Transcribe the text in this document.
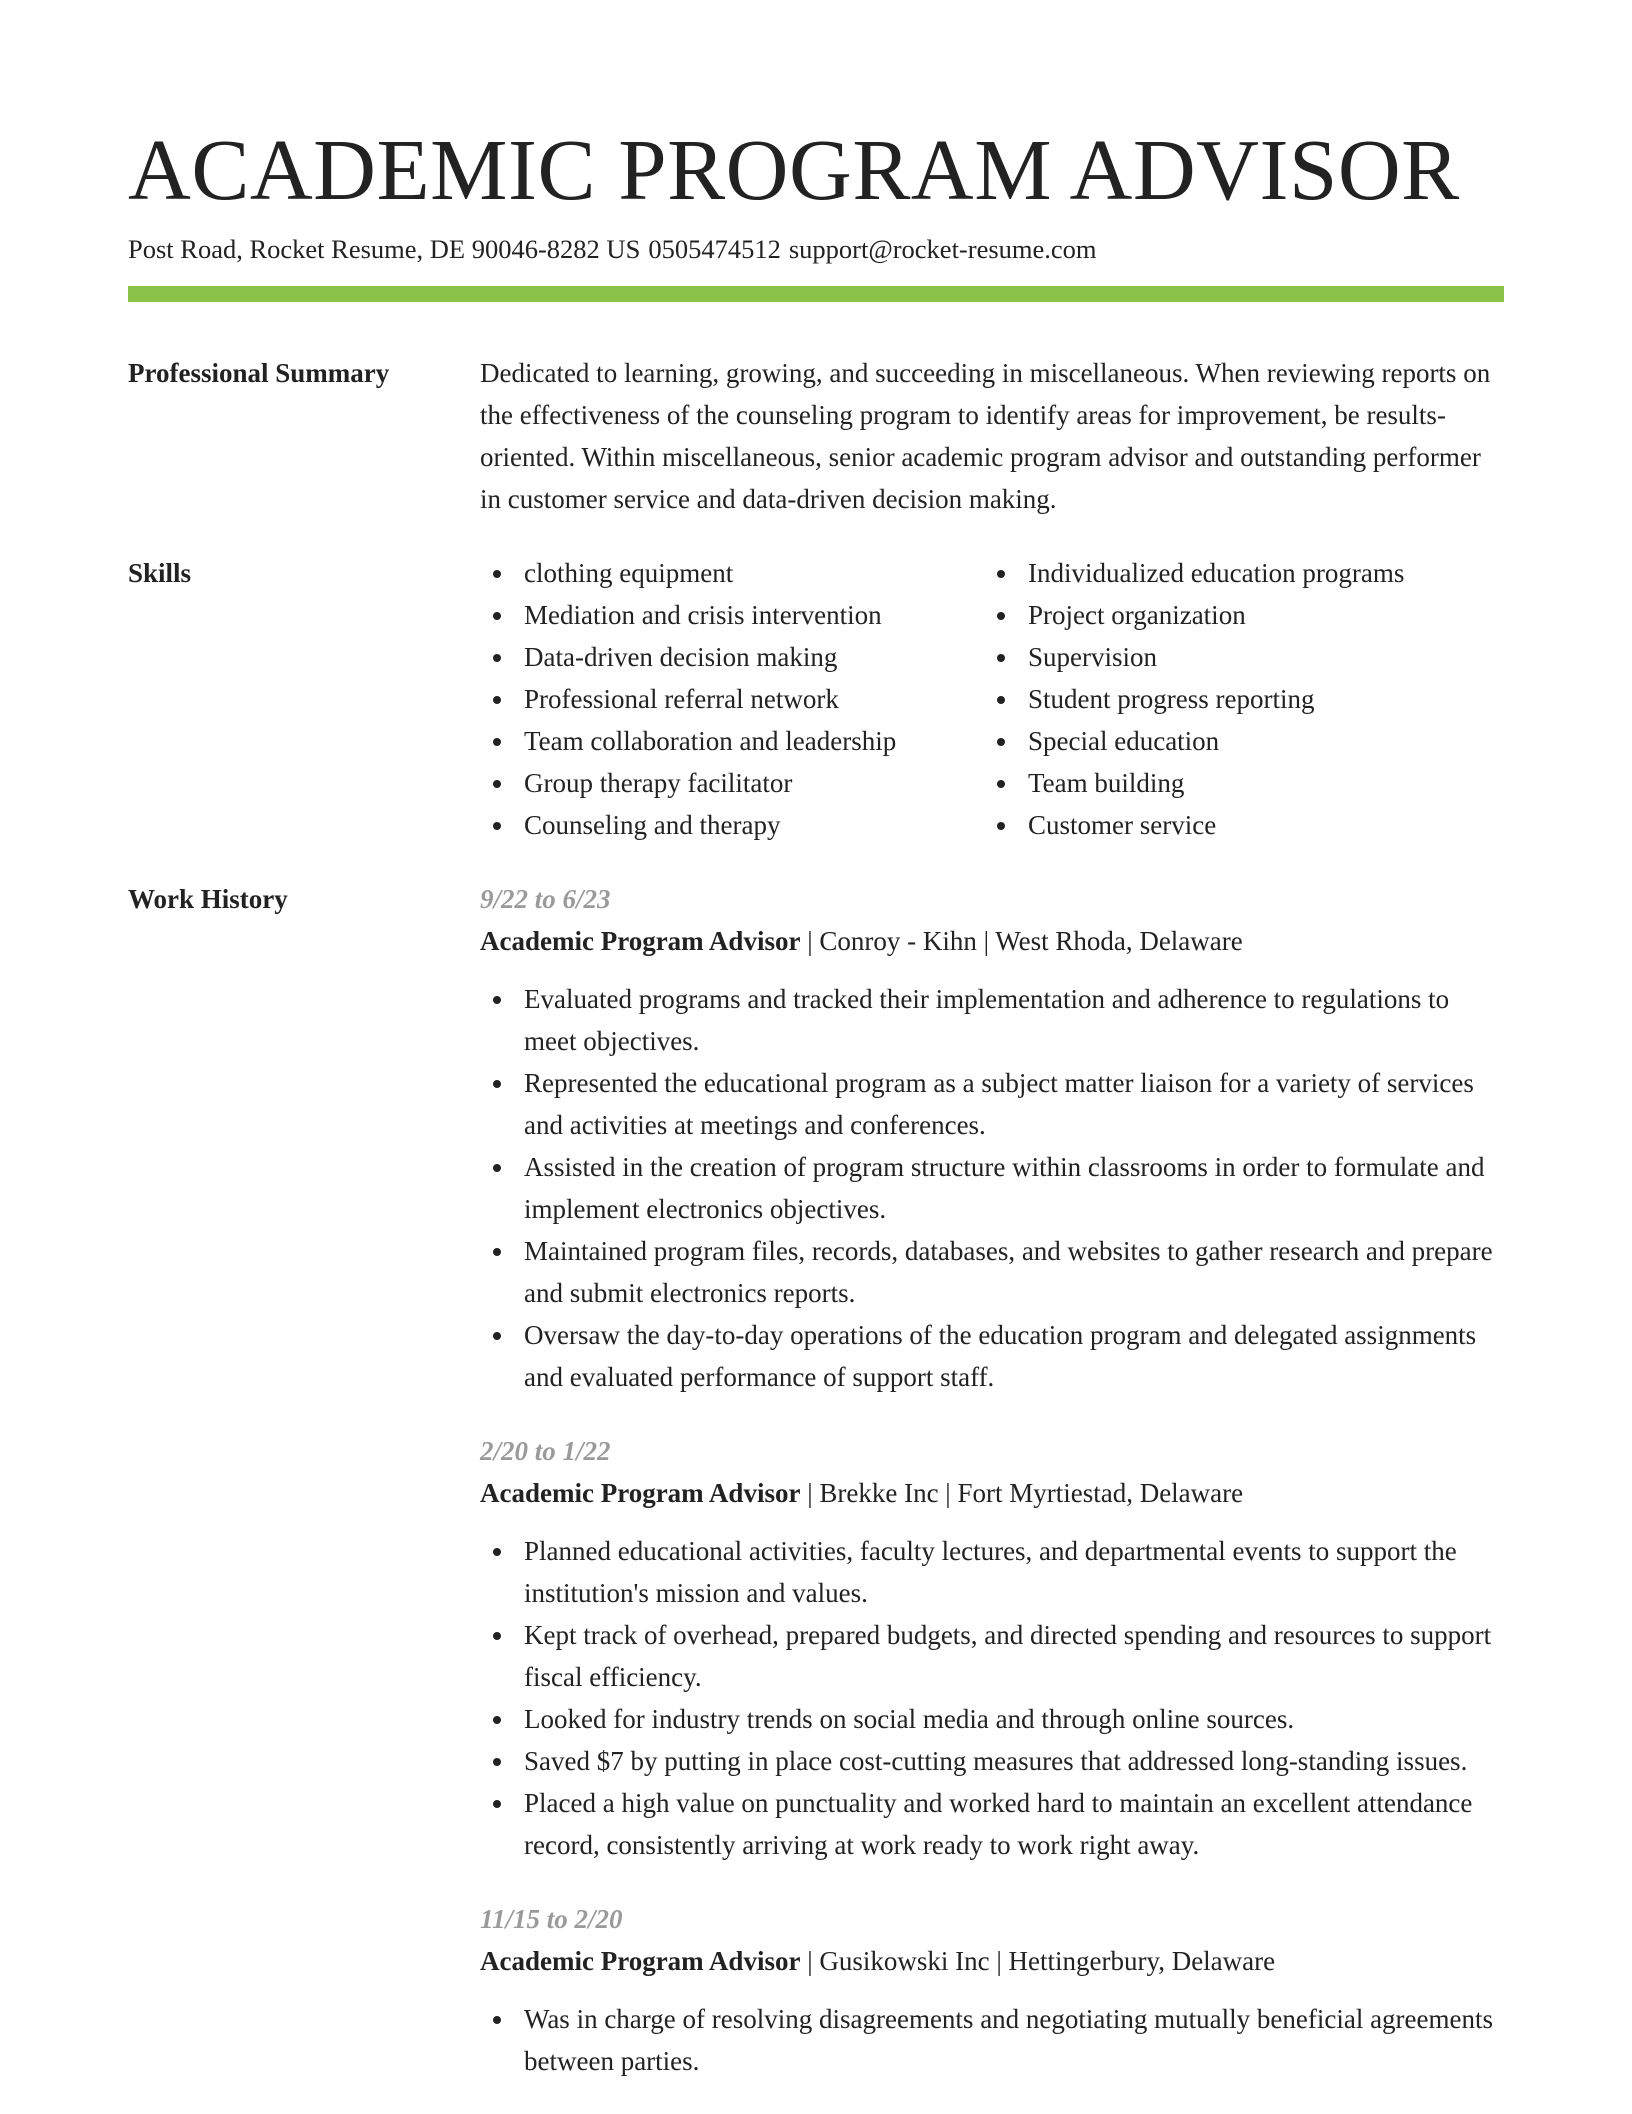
ACADEMIC PROGRAM ADVISOR
Post Road, Rocket Resume, DE 90046-8282 US 0505474512 support@rocket-resume.com
Professional Summary	Dedicated to learning, growing, and succeeding in miscellaneous. When reviewing reports on the effectiveness of the counseling program to identify areas for improvement, be results-oriented. Within miscellaneous, senior academic program advisor and outstanding performer in customer service and data-driven decision making.
Skills	clothing equipment
Mediation and crisis intervention
Data-driven decision making
Professional referral network
Team collaboration and leadership
Group therapy facilitator
Counseling and therapy
Individualized education programs
Project organization
Supervision
Student progress reporting
Special education
Team building
Customer service
Work History	9/22 to 6/23
Academic Program Advisor | Conroy - Kihn | West Rhoda, Delaware
Evaluated programs and tracked their implementation and adherence to regulations to meet objectives.
Represented the educational program as a subject matter liaison for a variety of services and activities at meetings and conferences.
Assisted in the creation of program structure within classrooms in order to formulate and implement electronics objectives.
Maintained program files, records, databases, and websites to gather research and prepare and submit electronics reports.
Oversaw the day-to-day operations of the education program and delegated assignments and evaluated performance of support staff.
2/20 to 1/22
Academic Program Advisor | Brekke Inc | Fort Myrtiestad, Delaware
Planned educational activities, faculty lectures, and departmental events to support the institution's mission and values.
Kept track of overhead, prepared budgets, and directed spending and resources to support fiscal efficiency.
Looked for industry trends on social media and through online sources.
Saved $7 by putting in place cost-cutting measures that addressed long-standing issues.
Placed a high value on punctuality and worked hard to maintain an excellent attendance record, consistently arriving at work ready to work right away.
11/15 to 2/20
Academic Program Advisor | Gusikowski Inc | Hettingerbury, Delaware
Was in charge of resolving disagreements and negotiating mutually beneficial agreements between parties.
